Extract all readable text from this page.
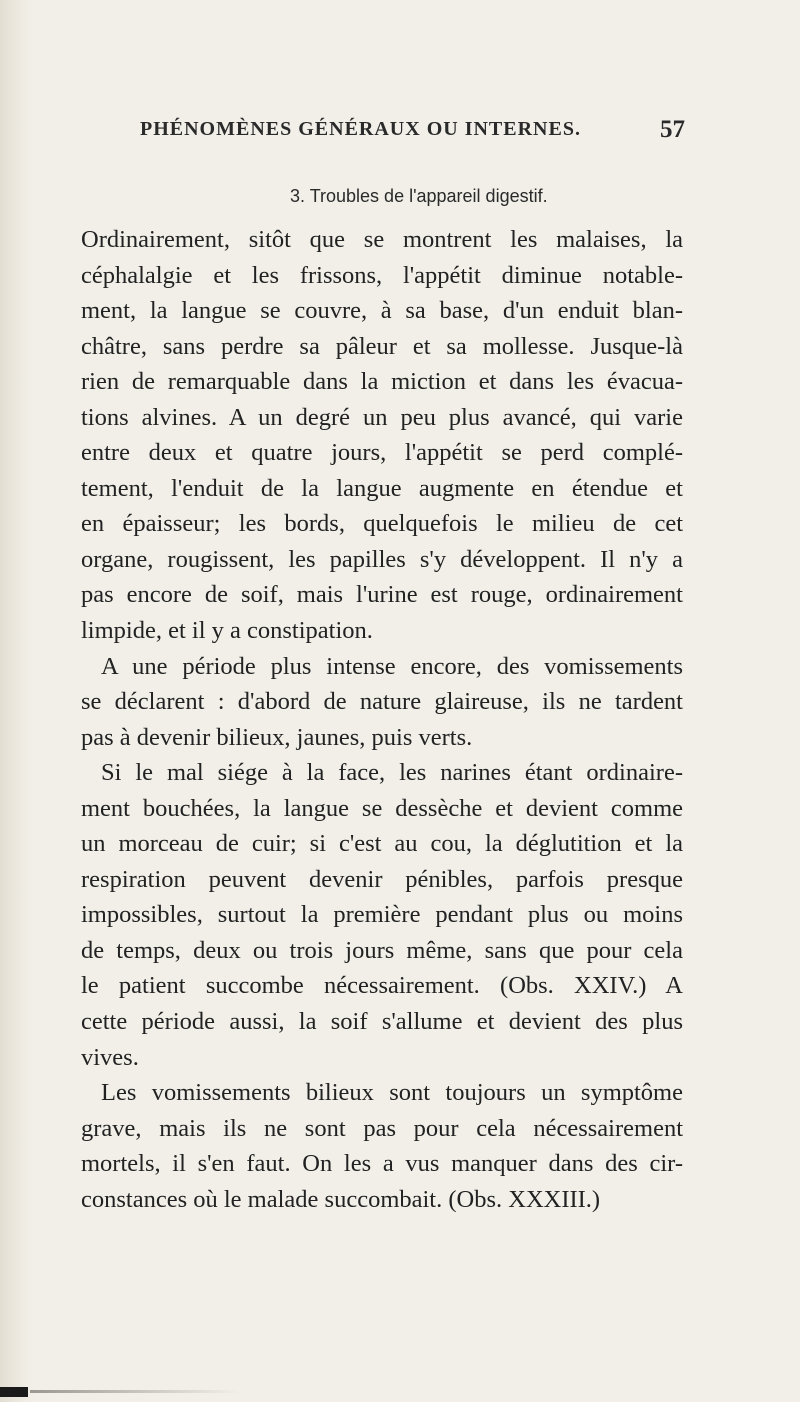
PHÉNOMÈNES GÉNÉRAUX OU INTERNES.	57
3. Troubles de l'appareil digestif.
Ordinairement, sitôt que se montrent les malaises, la
céphalalgie et les frissons, l'appétit diminue notable-
ment, la langue se couvre, à sa base, d'un enduit blan-
châtre, sans perdre sa pâleur et sa mollesse. Jusque-là
rien de remarquable dans la miction et dans les évacua-
tions alvines. A un degré un peu plus avancé, qui varie
entre deux et quatre jours, l'appétit se perd complé-
tement, l'enduit de la langue augmente en étendue et
en épaisseur; les bords, quelquefois le milieu de cet
organe, rougissent, les papilles s'y développent. Il n'y a
pas encore de soif, mais l'urine est rouge, ordinairement
limpide, et il y a constipation.
A une période plus intense encore, des vomissements
se déclarent : d'abord de nature glaireuse, ils ne tardent
pas à devenir bilieux, jaunes, puis verts.
Si le mal siége à la face, les narines étant ordinaire-
ment bouchées, la langue se dessèche et devient comme
un morceau de cuir; si c'est au cou, la déglutition et la
respiration peuvent devenir pénibles, parfois presque
impossibles, surtout la première pendant plus ou moins
de temps, deux ou trois jours même, sans que pour cela
le patient succombe nécessairement. (Obs. XXIV.) A
cette période aussi, la soif s'allume et devient des plus
vives.
Les vomissements bilieux sont toujours un symptôme
grave, mais ils ne sont pas pour cela nécessairement
mortels, il s'en faut. On les a vus manquer dans des cir-
constances où le malade succombait. (Obs. XXXIII.)
